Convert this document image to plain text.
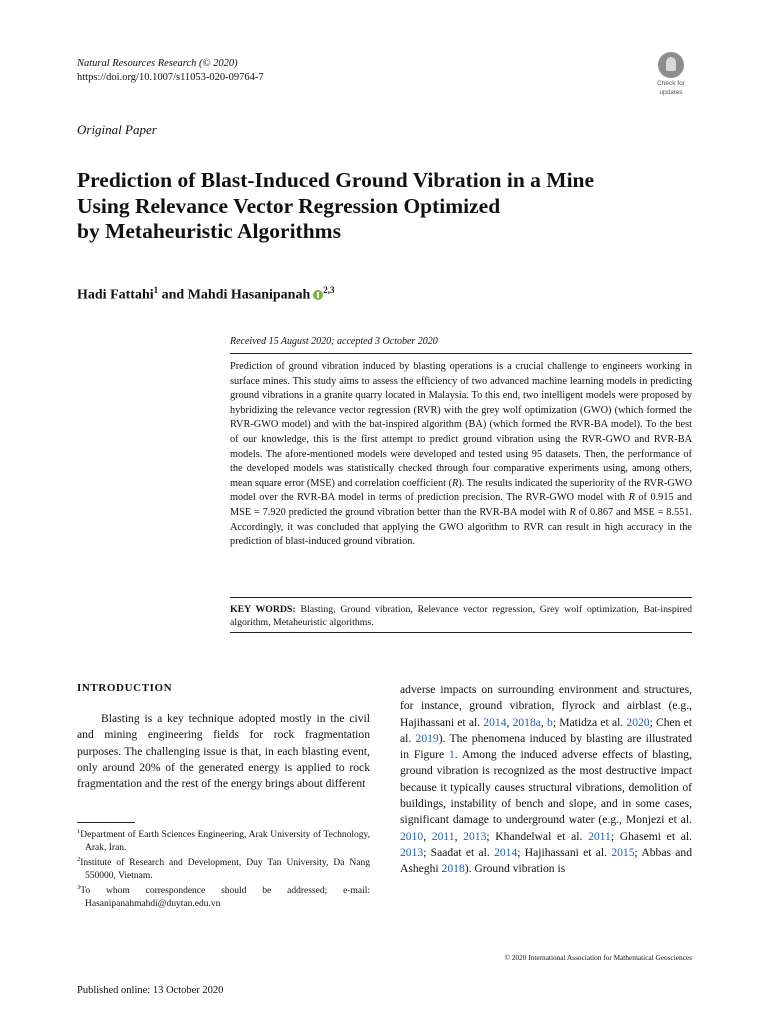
Natural Resources Research (© 2020)
https://doi.org/10.1007/s11053-020-09764-7
Check for
updates
Original Paper
Prediction of Blast-Induced Ground Vibration in a Mine
Using Relevance Vector Regression Optimized
by Metaheuristic Algorithms
Hadi Fattahi$^1$ and Mahdi Hasanipanah $^{2,3}$
Received 15 August 2020; accepted 3 October 2020

Prediction of ground vibration induced by blasting operations is a crucial challenge to engineers working in surface mines. This study aims to assess the efficiency of two advanced machine learning models in predicting ground vibrations in a granite quarry located in Malaysia. To this end, two intelligent models were proposed by hybridizing the relevance vector regression (RVR) with the grey wolf optimization (GWO) (which formed the RVR-GWO model) and with the bat-inspired algorithm (BA) (which formed the RVR-BA model). To the best of our knowledge, this is the first attempt to predict ground vibration using the RVR-GWO and RVR-BA models. The afore-mentioned models were developed and tested using 95 datasets. Then, the performance of the developed models was statistically checked through four comparative experiments using, among others, mean square error (MSE) and correlation coefficient (R). The results indicated the superiority of the RVR-GWO model over the RVR-BA model in terms of prediction precision. The RVR-GWO model with R of 0.915 and MSE = 7.920 predicted the ground vibration better than the RVR-BA model with R of 0.867 and MSE = 8.551. Accordingly, it was concluded that applying the GWO algorithm to RVR can result in high accuracy in the prediction of blast-induced ground vibration.

KEY WORDS: Blasting, Ground vibration, Relevance vector regression, Grey wolf optimization, Bat-inspired algorithm, Metaheuristic algorithms.
INTRODUCTION

Blasting is a key technique adopted mostly in the civil and mining engineering fields for rock fragmentation purposes. The challenging issue is that, in each blasting event, only around 20% of the generated energy is applied to rock fragmentation and the rest of the energy brings about different

$^1$Department of Earth Sciences Engineering, Arak University of Technology, Arak, Iran.
$^2$Institute of Research and Development, Duy Tan University, Da Nang 550000, Vietnam.
$^3$To whom correspondence should be addressed; e-mail: Hasanipanahmahdi@duytan.edu.vn

adverse impacts on surrounding environment and structures, for instance, ground vibration, flyrock and airblast (e.g., Hajihassani et al. 2014, 2018a, b; Matidza et al. 2020; Chen et al. 2019). The phenomena induced by blasting are illustrated in Figure 1. Among the induced adverse effects of blasting, ground vibration is recognized as the most destructive impact because it typically causes structural vibrations, demolition of buildings, instability of bench and slope, and in some cases, significant damage to underground water (e.g., Monjezi et al. 2010, 2011, 2013; Khandelwal et al. 2011; Ghasemi et al. 2013; Saadat et al. 2014; Hajihassani et al. 2015; Abbas and Asheghi 2018). Ground vibration is

© 2020 International Association for Mathematical Geosciences
Published online: 13 October 2020
